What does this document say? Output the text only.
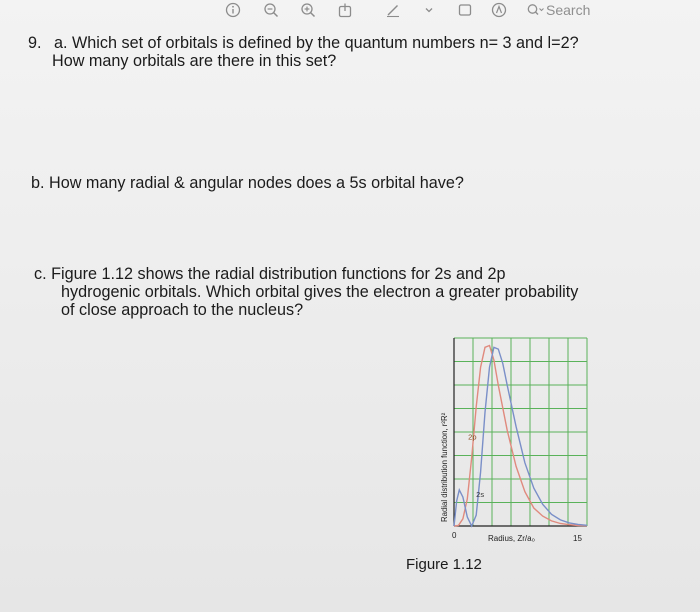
Search
9. a. Which set of orbitals is defined by the quantum numbers n= 3 and l=2?
How many orbitals are there in this set?
b. How many radial & angular nodes does a 5s orbital have?
c. Figure 1.12 shows the radial distribution functions for 2s and 2p
hydrogenic orbitals. Which orbital gives the electron a greater probability
of close approach to the nucleus?
2p
2s
0	15
Radius, Zr/a₀
Radial distribution function, r²R²
Figure 1.12
